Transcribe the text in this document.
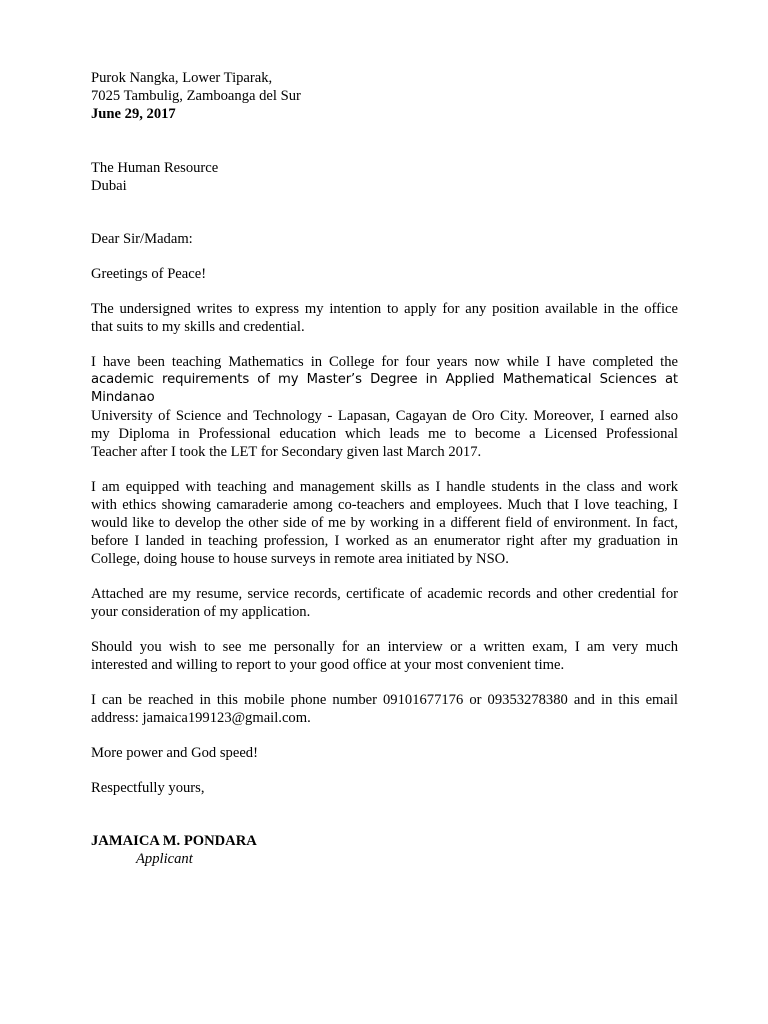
Purok Nangka, Lower Tiparak,
7025 Tambulig, Zamboanga del Sur
June 29, 2017
The Human Resource
Dubai
Dear Sir/Madam:
Greetings of Peace!
The undersigned writes to express my intention to apply for any position available in the office
that suits to my skills and credential.
I have been teaching Mathematics in College for four years now while I have completed the
academic requirements of my Master’s Degree in Applied Mathematical Sciences at Mindanao
University of Science and Technology - Lapasan, Cagayan de Oro City. Moreover, I earned also
my Diploma in Professional education which leads me to become a Licensed Professional
Teacher after I took the LET for Secondary given last March 2017.
I am equipped with teaching and management skills as I handle students in the class and work
with ethics showing camaraderie among co-teachers and employees. Much that I love teaching, I
would like to develop the other side of me by working in a different field of environment. In fact,
before I landed in teaching profession, I worked as an enumerator right after my graduation in
College, doing house to house surveys in remote area initiated by NSO.
Attached are my resume, service records, certificate of academic records and other credential for
your consideration of my application.
Should you wish to see me personally for an interview or a written exam, I am very much
interested and willing to report to your good office at your most convenient time.
I can be reached in this mobile phone number 09101677176 or 09353278380 and in this email
address: jamaica199123@gmail.com.
More power and God speed!
Respectfully yours,
JAMAICA M. PONDARA
Applicant
